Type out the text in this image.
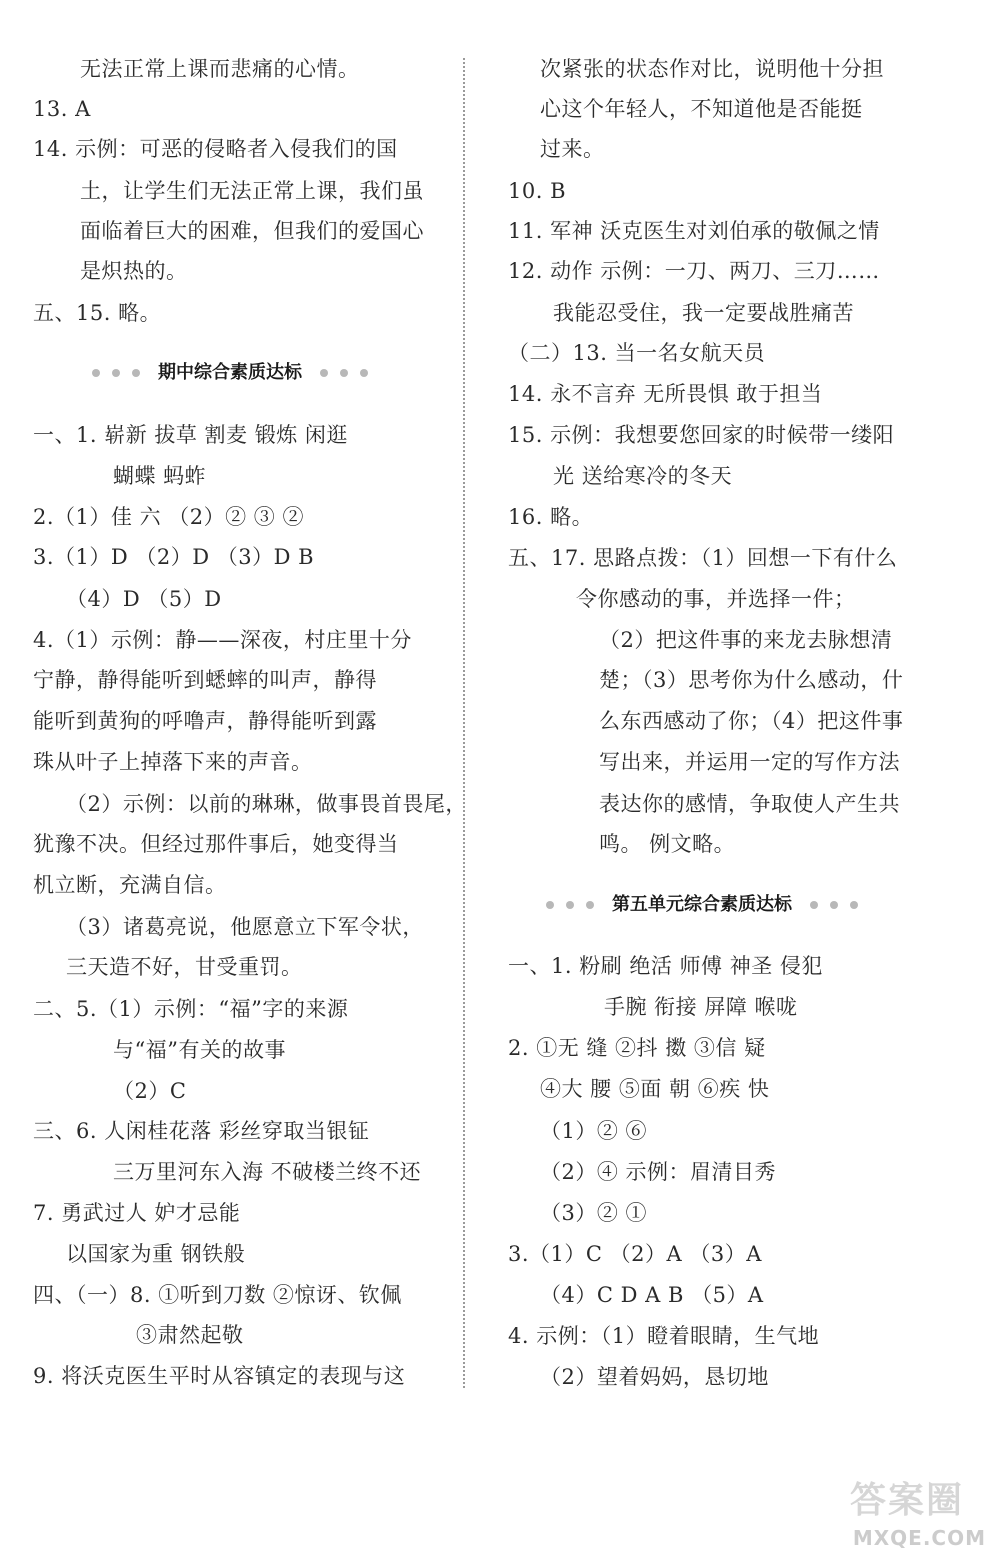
无法正常上课而悲痛的心情。
13. A
14. 示例：可恶的侵略者入侵我们的国
土，让学生们无法正常上课，我们虽
面临着巨大的困难，但我们的爱国心
是炽热的。
五、15. 略。
一、1. 崭新 拔草 割麦 锻炼 闲逛
蝴蝶 蚂蚱
2.（1）佳 六 （2）② ③ ②
3.（1）D （2）D （3）D B
（4）D （5）D
4.（1）示例：静——深夜，村庄里十分
宁静，静得能听到蟋蟀的叫声，静得
能听到黄狗的呼噜声，静得能听到露
珠从叶子上掉落下来的声音。
（2）示例：以前的琳琳，做事畏首畏尾，
犹豫不决。但经过那件事后，她变得当
机立断，充满自信。
（3）诸葛亮说，他愿意立下军令状，
三天造不好，甘受重罚。
二、5.（1）示例：“福”字的来源
与“福”有关的故事
（2）C
三、6. 人闲桂花落 彩丝穿取当银钲
三万里河东入海 不破楼兰终不还
7. 勇武过人 妒才忌能
以国家为重 钢铁般
四、（一）8. ①听到刀数 ②惊讶、钦佩
③肃然起敬
9. 将沃克医生平时从容镇定的表现与这
期中综合素质达标
次紧张的状态作对比，说明他十分担
心这个年轻人，不知道他是否能挺
过来。
10. B
11. 军神 沃克医生对刘伯承的敬佩之情
12. 动作 示例：一刀、两刀、三刀……
我能忍受住，我一定要战胜痛苦
（二）13. 当一名女航天员
14. 永不言弃 无所畏惧 敢于担当
15. 示例：我想要您回家的时候带一缕阳
光 送给寒冷的冬天
16. 略。
五、17. 思路点拨：（1）回想一下有什么
令你感动的事，并选择一件；
（2）把这件事的来龙去脉想清
楚；（3）思考你为什么感动，什
么东西感动了你；（4）把这件事
写出来，并运用一定的写作方法
表达你的感情，争取使人产生共
鸣。 例文略。
一、1. 粉刷 绝活 师傅 神圣 侵犯
手腕 衔接 屏障 喉咙
2. ①无 缝 ②抖 擞 ③信 疑
④大 腰 ⑤面 朝 ⑥疾 快
（1）② ⑥
（2）④ 示例：眉清目秀
（3）② ①
3.（1）C （2）A （3）A
（4）C D A B （5）A
4. 示例：（1）瞪着眼睛，生气地
（2）望着妈妈，恳切地
第五单元综合素质达标
答案圈
MXQE.COM
